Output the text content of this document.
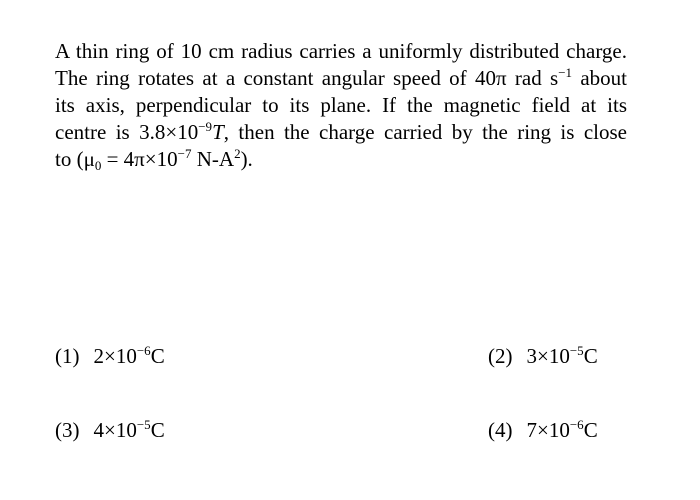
A thin ring of 10 cm radius carries a uniformly distributed charge.
The ring rotates at a constant angular speed of 40π rad $s^{-1}$ about
its axis, perpendicular to its plane. If the magnetic field at its
centre is $3.8\times 10^{-9}T$, then the charge carried by the ring is close
to ($\mu_0 = 4\pi\times 10^{-7}$ $N-A^2$).
(1) $2\times 10^{-6}C$	(2) $3\times 10^{-5}C$
(3) $4\times 10^{-5}C$	(4) $7\times 10^{-6}C$
